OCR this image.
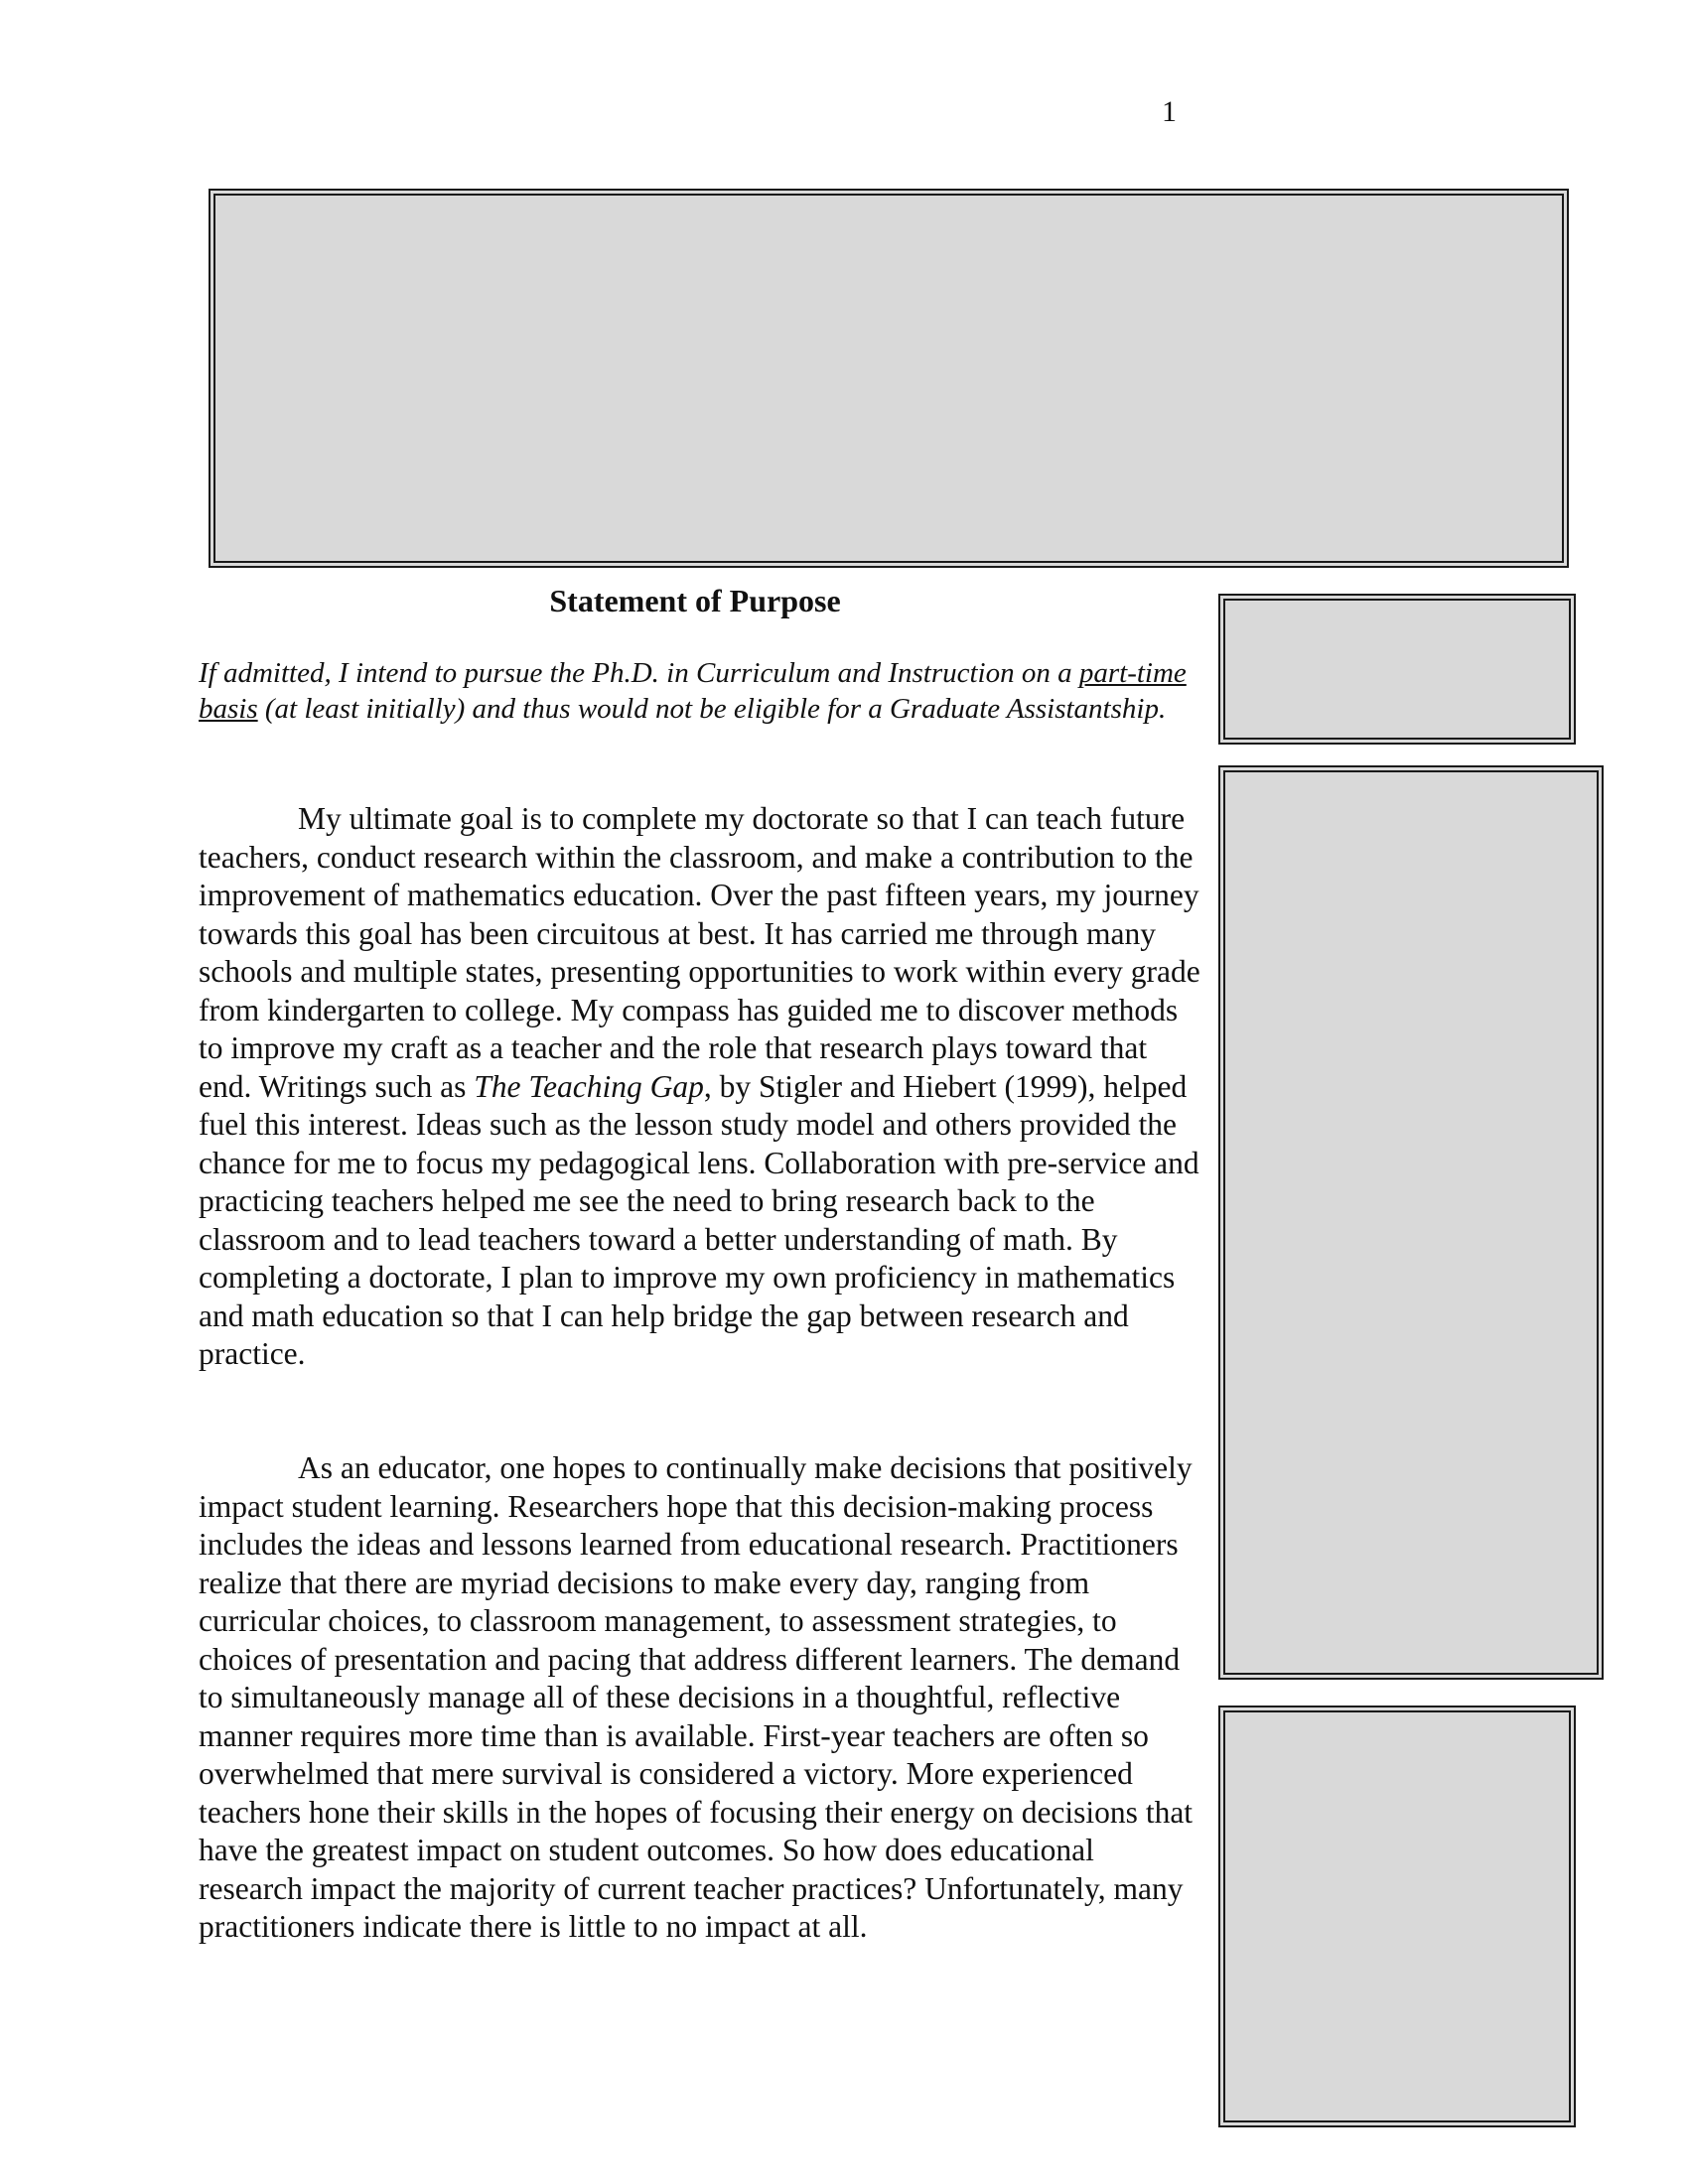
1
Statement of Purpose

If admitted, I intend to pursue the Ph.D. in Curriculum and Instruction on a part-time basis (at least initially) and thus would not be eligible for a Graduate Assistantship.

My ultimate goal is to complete my doctorate so that I can teach future teachers, conduct research within the classroom, and make a contribution to the improvement of mathematics education. Over the past fifteen years, my journey towards this goal has been circuitous at best. It has carried me through many schools and multiple states, presenting opportunities to work within every grade from kindergarten to college. My compass has guided me to discover methods to improve my craft as a teacher and the role that research plays toward that end. Writings such as The Teaching Gap, by Stigler and Hiebert (1999), helped fuel this interest. Ideas such as the lesson study model and others provided the chance for me to focus my pedagogical lens. Collaboration with pre-service and practicing teachers helped me see the need to bring research back to the classroom and to lead teachers toward a better understanding of math. By completing a doctorate, I plan to improve my own proficiency in mathematics and math education so that I can help bridge the gap between research and practice.

As an educator, one hopes to continually make decisions that positively impact student learning. Researchers hope that this decision-making process includes the ideas and lessons learned from educational research. Practitioners realize that there are myriad decisions to make every day, ranging from curricular choices, to classroom management, to assessment strategies, to choices of presentation and pacing that address different learners. The demand to simultaneously manage all of these decisions in a thoughtful, reflective manner requires more time than is available. First-year teachers are often so overwhelmed that mere survival is considered a victory. More experienced teachers hone their skills in the hopes of focusing their energy on decisions that have the greatest impact on student outcomes. So how does educational research impact the majority of current teacher practices? Unfortunately, many practitioners indicate there is little to no impact at all.
